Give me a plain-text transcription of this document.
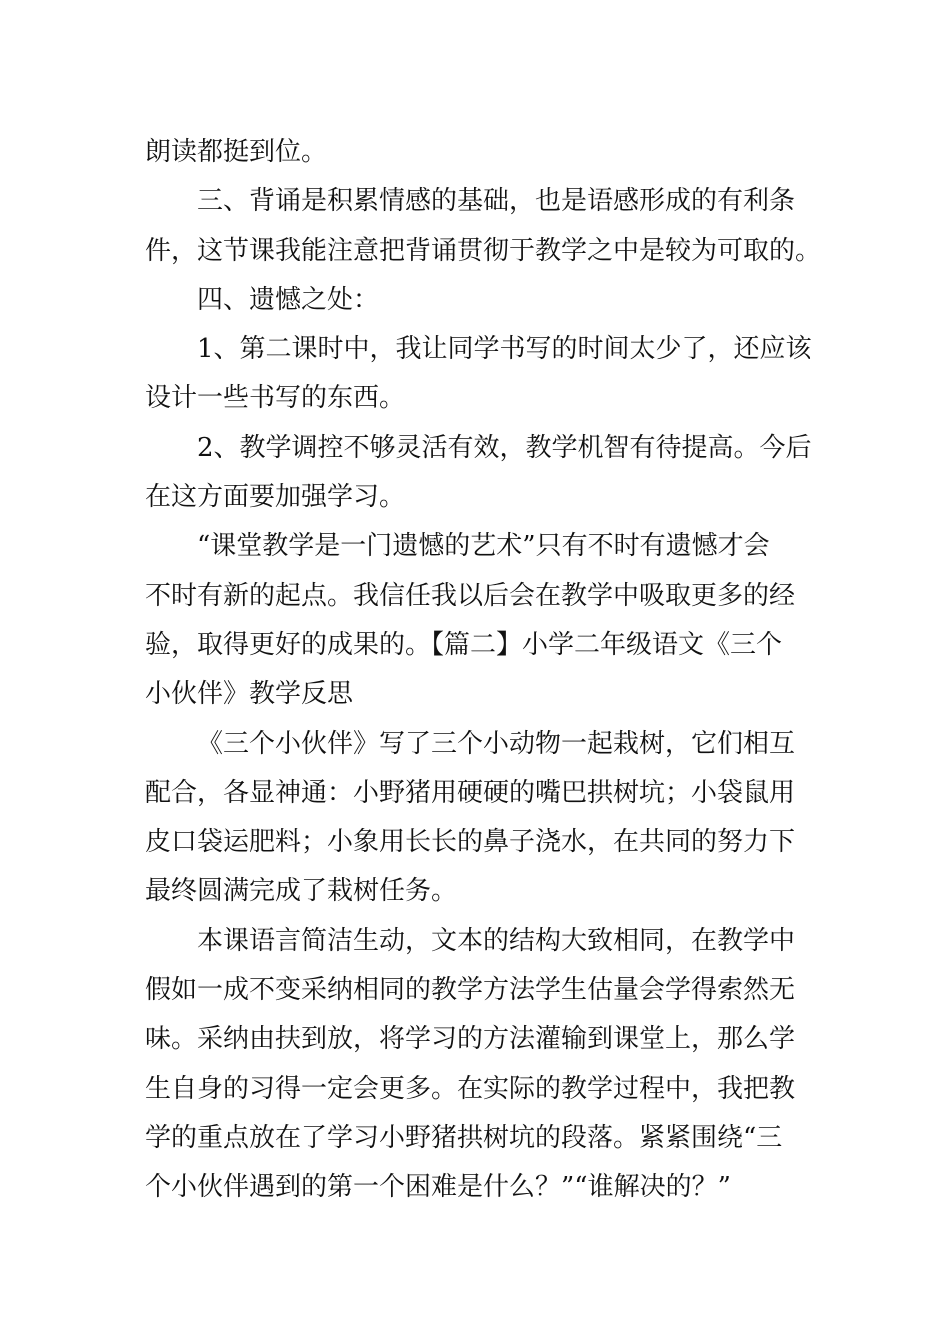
朗读都挺到位。
三、背诵是积累情感的基础，也是语感形成的有利条
件，这节课我能注意把背诵贯彻于教学之中是较为可取的。
四、遗憾之处：
1、第二课时中，我让同学书写的时间太少了，还应该
设计一些书写的东西。
2、教学调控不够灵活有效，教学机智有待提高。今后
在这方面要加强学习。
“课堂教学是一门遗憾的艺术”只有不时有遗憾才会
不时有新的起点。我信任我以后会在教学中吸取更多的经
验，取得更好的成果的。【篇二】小学二年级语文《三个
小伙伴》教学反思
《三个小伙伴》写了三个小动物一起栽树，它们相互
配合，各显神通：小野猪用硬硬的嘴巴拱树坑；小袋鼠用
皮口袋运肥料；小象用长长的鼻子浇水，在共同的努力下
最终圆满完成了栽树任务。
本课语言简洁生动，文本的结构大致相同，在教学中
假如一成不变采纳相同的教学方法学生估量会学得索然无
味。采纳由扶到放，将学习的方法灌输到课堂上，那么学
生自身的习得一定会更多。在实际的教学过程中，我把教
学的重点放在了学习小野猪拱树坑的段落。紧紧围绕“三
个小伙伴遇到的第一个困难是什么？”“谁解决的？”
